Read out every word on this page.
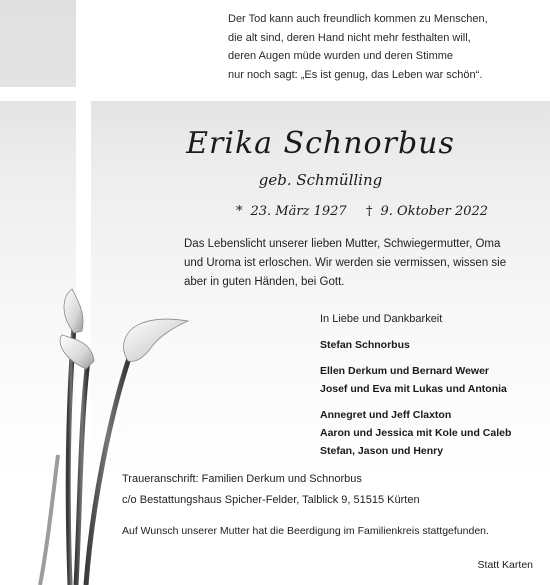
Der Tod kann auch freundlich kommen zu Menschen,
die alt sind, deren Hand nicht mehr festhalten will,
deren Augen müde wurden und deren Stimme
nur noch sagt: „Es ist genug, das Leben war schön“.
Erika Schnorbus
geb. Schmülling
* 23. März 1927 † 9. Oktober 2022
Das Lebenslicht unserer lieben Mutter, Schwiegermutter, Oma
und Uroma ist erloschen. Wir werden sie vermissen, wissen sie
aber in guten Händen, bei Gott.
In Liebe und Dankbarkeit
Stefan Schnorbus
Ellen Derkum und Bernard Wewer
Josef und Eva mit Lukas und Antonia
Annegret und Jeff Claxton
Aaron und Jessica mit Kole und Caleb
Stefan, Jason und Henry
Traueranschrift: Familien Derkum und Schnorbus
c/o Bestattungshaus Spicher-Felder, Talblick 9, 51515 Kürten
Auf Wunsch unserer Mutter hat die Beerdigung im Familienkreis stattgefunden.
Statt Karten
